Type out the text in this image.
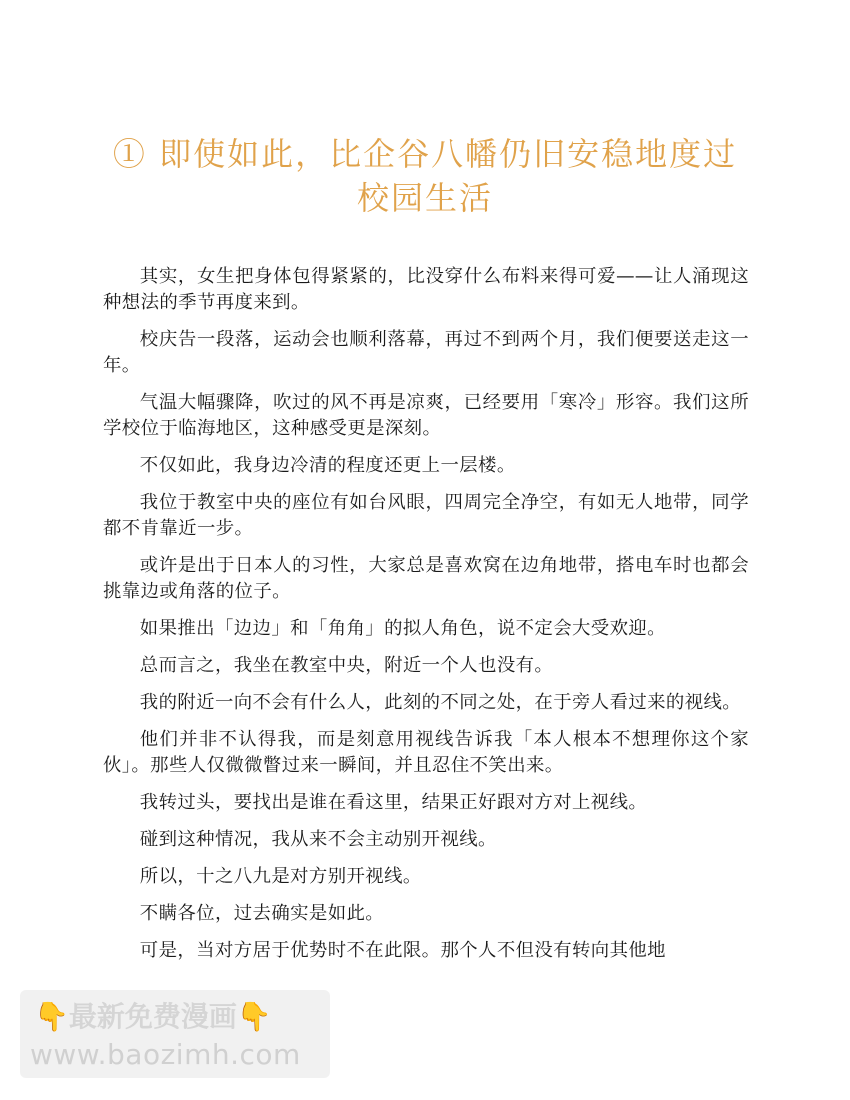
① 即使如此，比企谷八幡仍旧安稳地度过校园生活

其实，女生把身体包得紧紧的，比没穿什么布料来得可爱——让人涌现这种想法的季节再度来到。

校庆告一段落，运动会也顺利落幕，再过不到两个月，我们便要送走这一年。

气温大幅骤降，吹过的风不再是凉爽，已经要用「寒冷」形容。我们这所学校位于临海地区，这种感受更是深刻。

不仅如此，我身边冷清的程度还更上一层楼。

我位于教室中央的座位有如台风眼，四周完全净空，有如无人地带，同学都不肯靠近一步。

或许是出于日本人的习性，大家总是喜欢窝在边角地带，搭电车时也都会挑靠边或角落的位子。

如果推出「边边」和「角角」的拟人角色，说不定会大受欢迎。

总而言之，我坐在教室中央，附近一个人也没有。

我的附近一向不会有什么人，此刻的不同之处，在于旁人看过来的视线。

他们并非不认得我，而是刻意用视线告诉我「本人根本不想理你这个家伙」。那些人仅微微瞥过来一瞬间，并且忍住不笑出来。

我转过头，要找出是谁在看这里，结果正好跟对方对上视线。

碰到这种情况，我从来不会主动别开视线。

所以，十之八九是对方别开视线。

不瞒各位，过去确实是如此。

可是，当对方居于优势时不在此限。那个人不但没有转向其他地

👇最新免费漫画👇
www.baozimh.com
